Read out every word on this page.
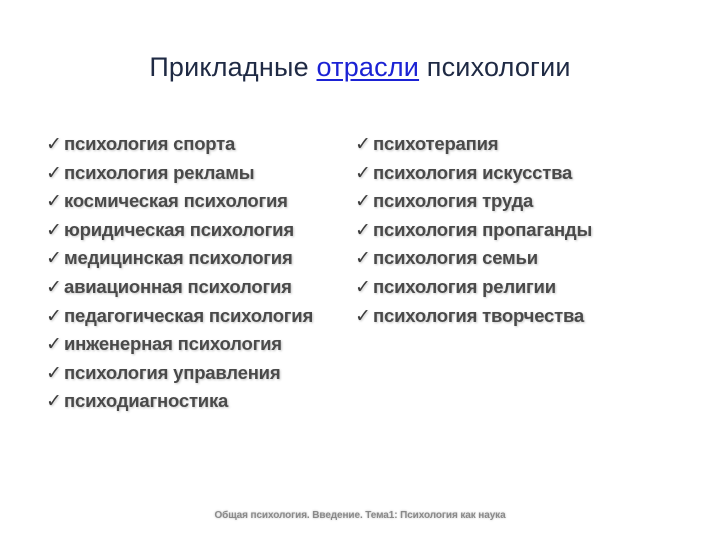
Прикладные отрасли психологии
✓ психология спорта
✓ психология рекламы
✓ космическая психология
✓ юридическая психология
✓ медицинская психология
✓ авиационная психология
✓ педагогическая психология
✓ инженерная психология
✓ психология управления
✓ психодиагностика
✓ психотерапия
✓ психология искусства
✓ психология труда
✓ психология пропаганды
✓ психология семьи
✓ психология религии
✓ психология творчества
Общая психология. Введение. Тема1: Психология как наука
